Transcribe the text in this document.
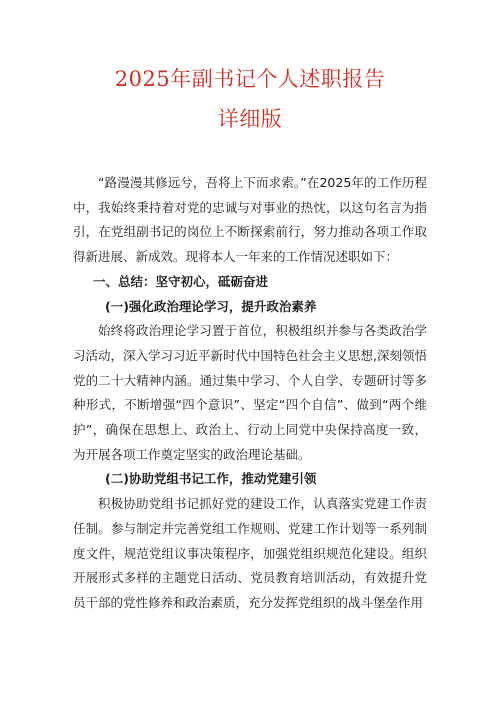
2025年副书记个人述职报告
详细版

“路漫漫其修远兮，吾将上下而求索。”在2025年的工作历程中，我始终秉持着对党的忠诚与对事业的热忱，以这句名言为指引，在党组副书记的岗位上不断探索前行，努力推动各项工作取得新进展、新成效。现将本人一年来的工作情况述职如下：

一、总结：坚守初心，砥砺奋进

(一)强化政治理论学习，提升政治素养

始终将政治理论学习置于首位，积极组织并参与各类政治学习活动，深入学习习近平新时代中国特色社会主义思想,深刻领悟党的二十大精神内涵。通过集中学习、个人自学、专题研讨等多种形式，不断增强“四个意识”、坚定“四个自信”、做到“两个维护”，确保在思想上、政治上、行动上同党中央保持高度一致，为开展各项工作奠定坚实的政治理论基础。

(二)协助党组书记工作，推动党建引领

积极协助党组书记抓好党的建设工作，认真落实党建工作责任制。参与制定并完善党组工作规则、党建工作计划等一系列制度文件，规范党组议事决策程序，加强党组织规范化建设。组织开展形式多样的主题党日活动、党员教育培训活动，有效提升党员干部的党性修养和政治素质，充分发挥党组织的战斗堡垒作用
